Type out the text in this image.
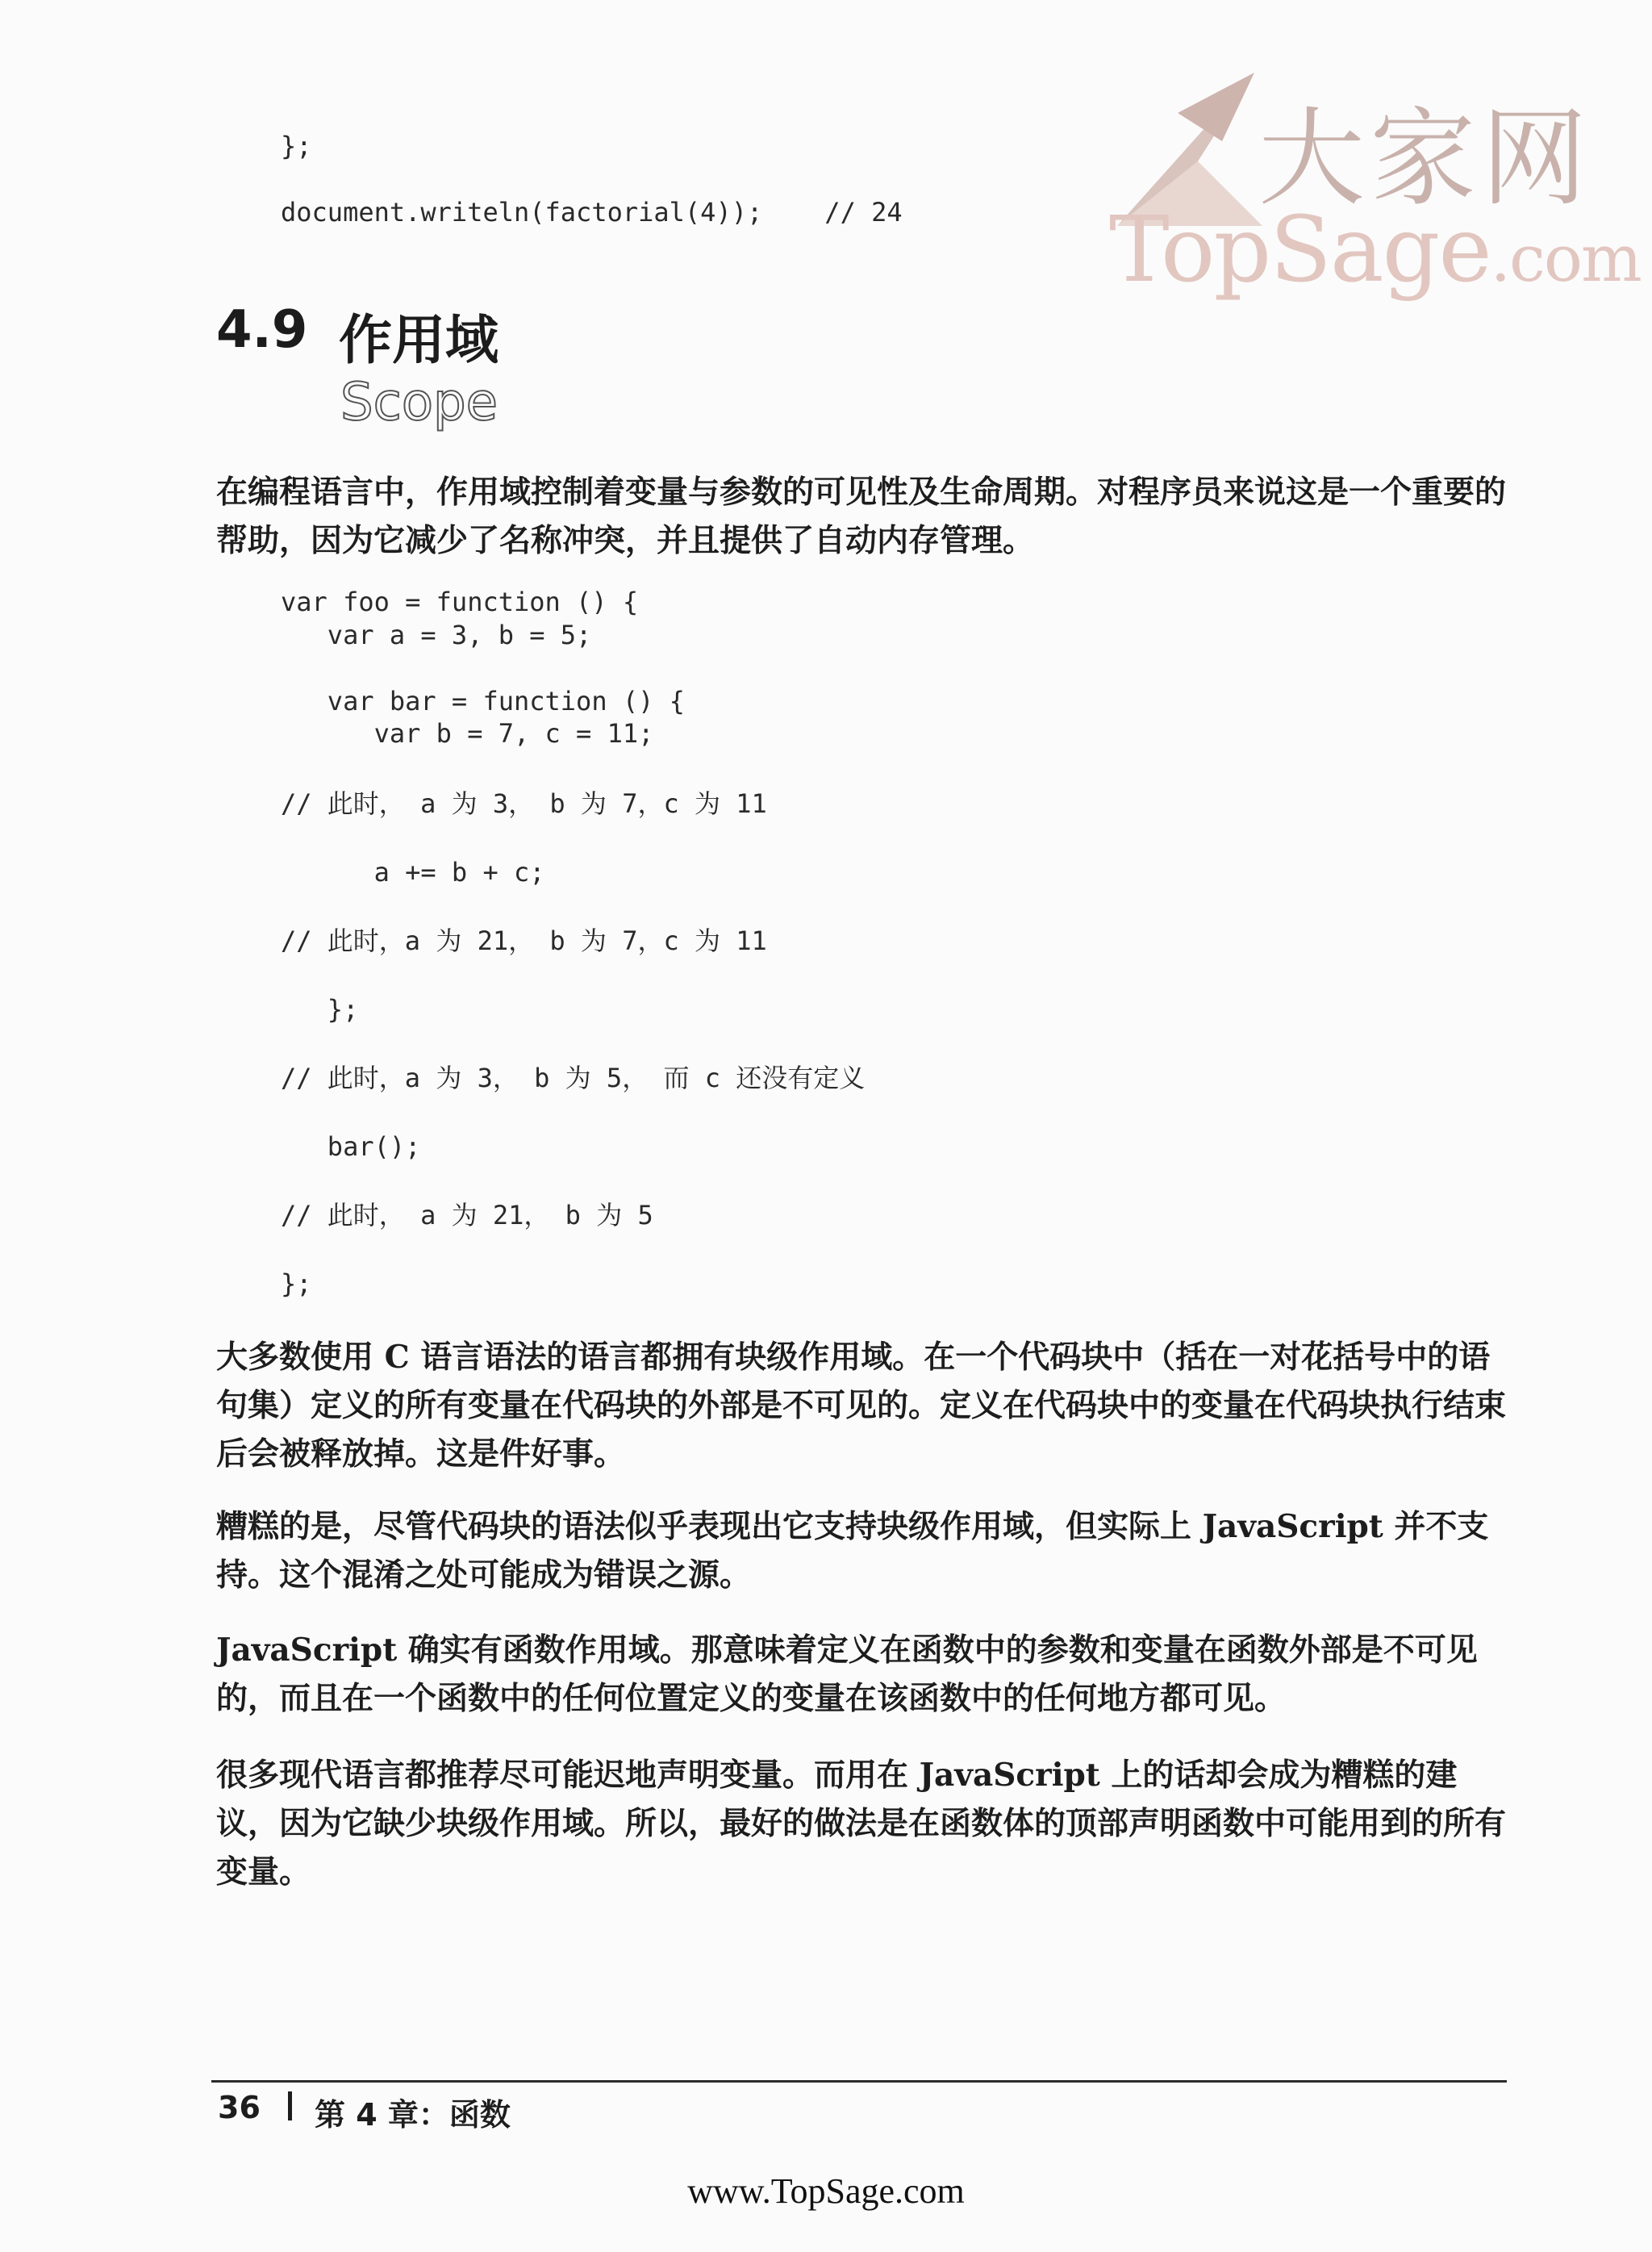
大家网
TopSage.com
};
document.writeln(factorial(4));    // 24
4.9 作用域
Scope

在编程语言中，作用域控制着变量与参数的可见性及生命周期。对程序员来说这是一个重要的帮助，因为它减少了名称冲突，并且提供了自动内存管理。

var foo = function () {
var a = 3, b = 5;
var bar = function () {
var b = 7, c = 11;
// 此时， a 为 3， b 为 7，c 为 11
a += b + c;
// 此时，a 为 21， b 为 7，c 为 11
};
// 此时，a 为 3， b 为 5， 而 c 还没有定义
bar();
// 此时， a 为 21， b 为 5
};

大多数使用 C 语言语法的语言都拥有块级作用域。在一个代码块中（括在一对花括号中的语句集）定义的所有变量在代码块的外部是不可见的。定义在代码块中的变量在代码块执行结束后会被释放掉。这是件好事。

糟糕的是，尽管代码块的语法似乎表现出它支持块级作用域，但实际上 JavaScript 并不支持。这个混淆之处可能成为错误之源。

JavaScript 确实有函数作用域。那意味着定义在函数中的参数和变量在函数外部是不可见的，而且在一个函数中的任何位置定义的变量在该函数中的任何地方都可见。

很多现代语言都推荐尽可能迟地声明变量。而用在 JavaScript 上的话却会成为糟糕的建议，因为它缺少块级作用域。所以，最好的做法是在函数体的顶部声明函数中可能用到的所有变量。

36 第 4 章：函数
www.TopSage.com
